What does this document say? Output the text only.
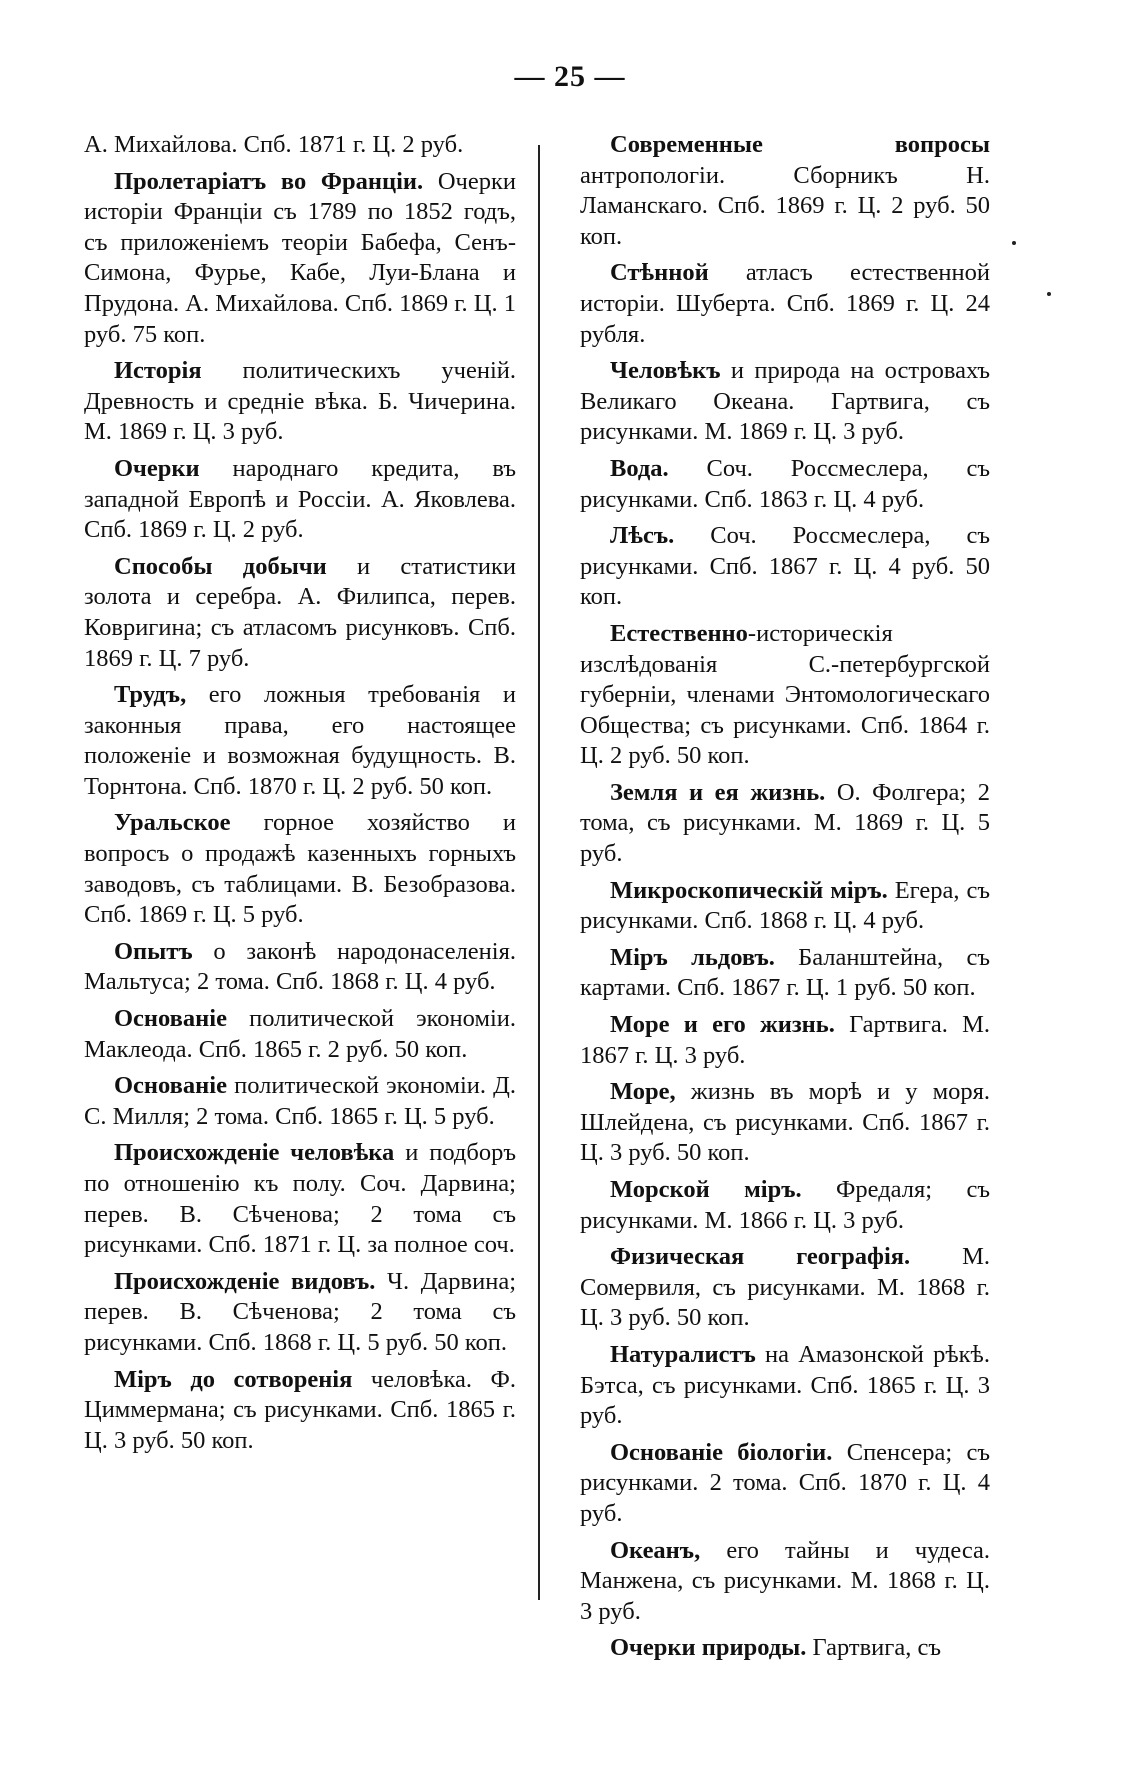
— 25 —

А. Михайлова. Спб. 1871 г. Ц. 2 руб.

Пролетаріатъ во Франціи. Очерки исторіи Франціи съ 1789 по 1852 годъ, съ приложеніемъ теоріи Бабефа, Сенъ-Симона, Фурье, Кабе, Луи-Блана и Прудона. А. Михайлова. Спб. 1869 г. Ц. 1 руб. 75 коп.

Исторія политическихъ ученій. Древность и средніе вѣка. Б. Чичерина. М. 1869 г. Ц. 3 руб.

Очерки народнаго кредита, въ западной Европѣ и Россіи. А. Яковлева. Спб. 1869 г. Ц. 2 руб.

Способы добычи и статистики золота и серебра. А. Филипса, перев. Ковригина; съ атласомъ рисунковъ. Спб. 1869 г. Ц. 7 руб.

Трудъ, его ложныя требованія и законныя права, его настоящее положеніе и возможная будущность. В. Торнтона. Спб. 1870 г. Ц. 2 руб. 50 коп.

Уральское горное хозяйство и вопросъ о продажѣ казенныхъ горныхъ заводовъ, съ таблицами. В. Безобразова. Спб. 1869 г. Ц. 5 руб.

Опытъ о законѣ народонаселенія. Мальтуса; 2 тома. Спб. 1868 г. Ц. 4 руб.

Основаніе политической экономіи. Маклеода. Спб. 1865 г. 2 руб. 50 коп.

Основаніе политической экономіи. Д. С. Милля; 2 тома. Спб. 1865 г. Ц. 5 руб.

Происхожденіе человѣка и подборъ по отношенію къ полу. Соч. Дарвина; перев. В. Сѣченова; 2 тома съ рисунками. Спб. 1871 г. Ц. за полное соч.

Происхожденіе видовъ. Ч. Дарвина; перев. В. Сѣченова; 2 тома съ рисунками. Спб. 1868 г. Ц. 5 руб. 50 коп.

Міръ до сотворенія человѣка. Ф. Циммермана; съ рисунками. Спб. 1865 г. Ц. 3 руб. 50 коп.

Современные вопросы антропологіи. Сборникъ Н. Ламанскаго. Спб. 1869 г. Ц. 2 руб. 50 коп.

Стѣнной атласъ естественной исторіи. Шуберта. Спб. 1869 г. Ц. 24 рубля.

Человѣкъ и природа на островахъ Великаго Океана. Гартвига, съ рисунками. М. 1869 г. Ц. 3 руб.

Вода. Соч. Россмеслера, съ рисунками. Спб. 1863 г. Ц. 4 руб.

Лѣсъ. Соч. Россмеслера, съ рисунками. Спб. 1867 г. Ц. 4 руб. 50 коп.

Естественно-историческія изслѣдованія С.-петербургской губерніи, членами Энтомологическаго Общества; съ рисунками. Спб. 1864 г. Ц. 2 руб. 50 коп.

Земля и ея жизнь. О. Фолгера; 2 тома, съ рисунками. М. 1869 г. Ц. 5 руб.

Микроскопическій міръ. Егера, съ рисунками. Спб. 1868 г. Ц. 4 руб.

Міръ льдовъ. Баланштейна, съ картами. Спб. 1867 г. Ц. 1 руб. 50 коп.

Море и его жизнь. Гартвига. М. 1867 г. Ц. 3 руб.

Море, жизнь въ морѣ и у моря. Шлейдена, съ рисунками. Спб. 1867 г. Ц. 3 руб. 50 коп.

Морской міръ. Фредаля; съ рисунками. М. 1866 г. Ц. 3 руб.

Физическая географія. М. Сомервиля, съ рисунками. М. 1868 г. Ц. 3 руб. 50 коп.

Натуралистъ на Амазонской рѣкѣ. Бэтса, съ рисунками. Спб. 1865 г. Ц. 3 руб.

Основаніе біологіи. Спенсера; съ рисунками. 2 тома. Спб. 1870 г. Ц. 4 руб.

Океанъ, его тайны и чудеса. Манжена, съ рисунками. М. 1868 г. Ц. 3 руб.

Очерки природы. Гартвига, съ
